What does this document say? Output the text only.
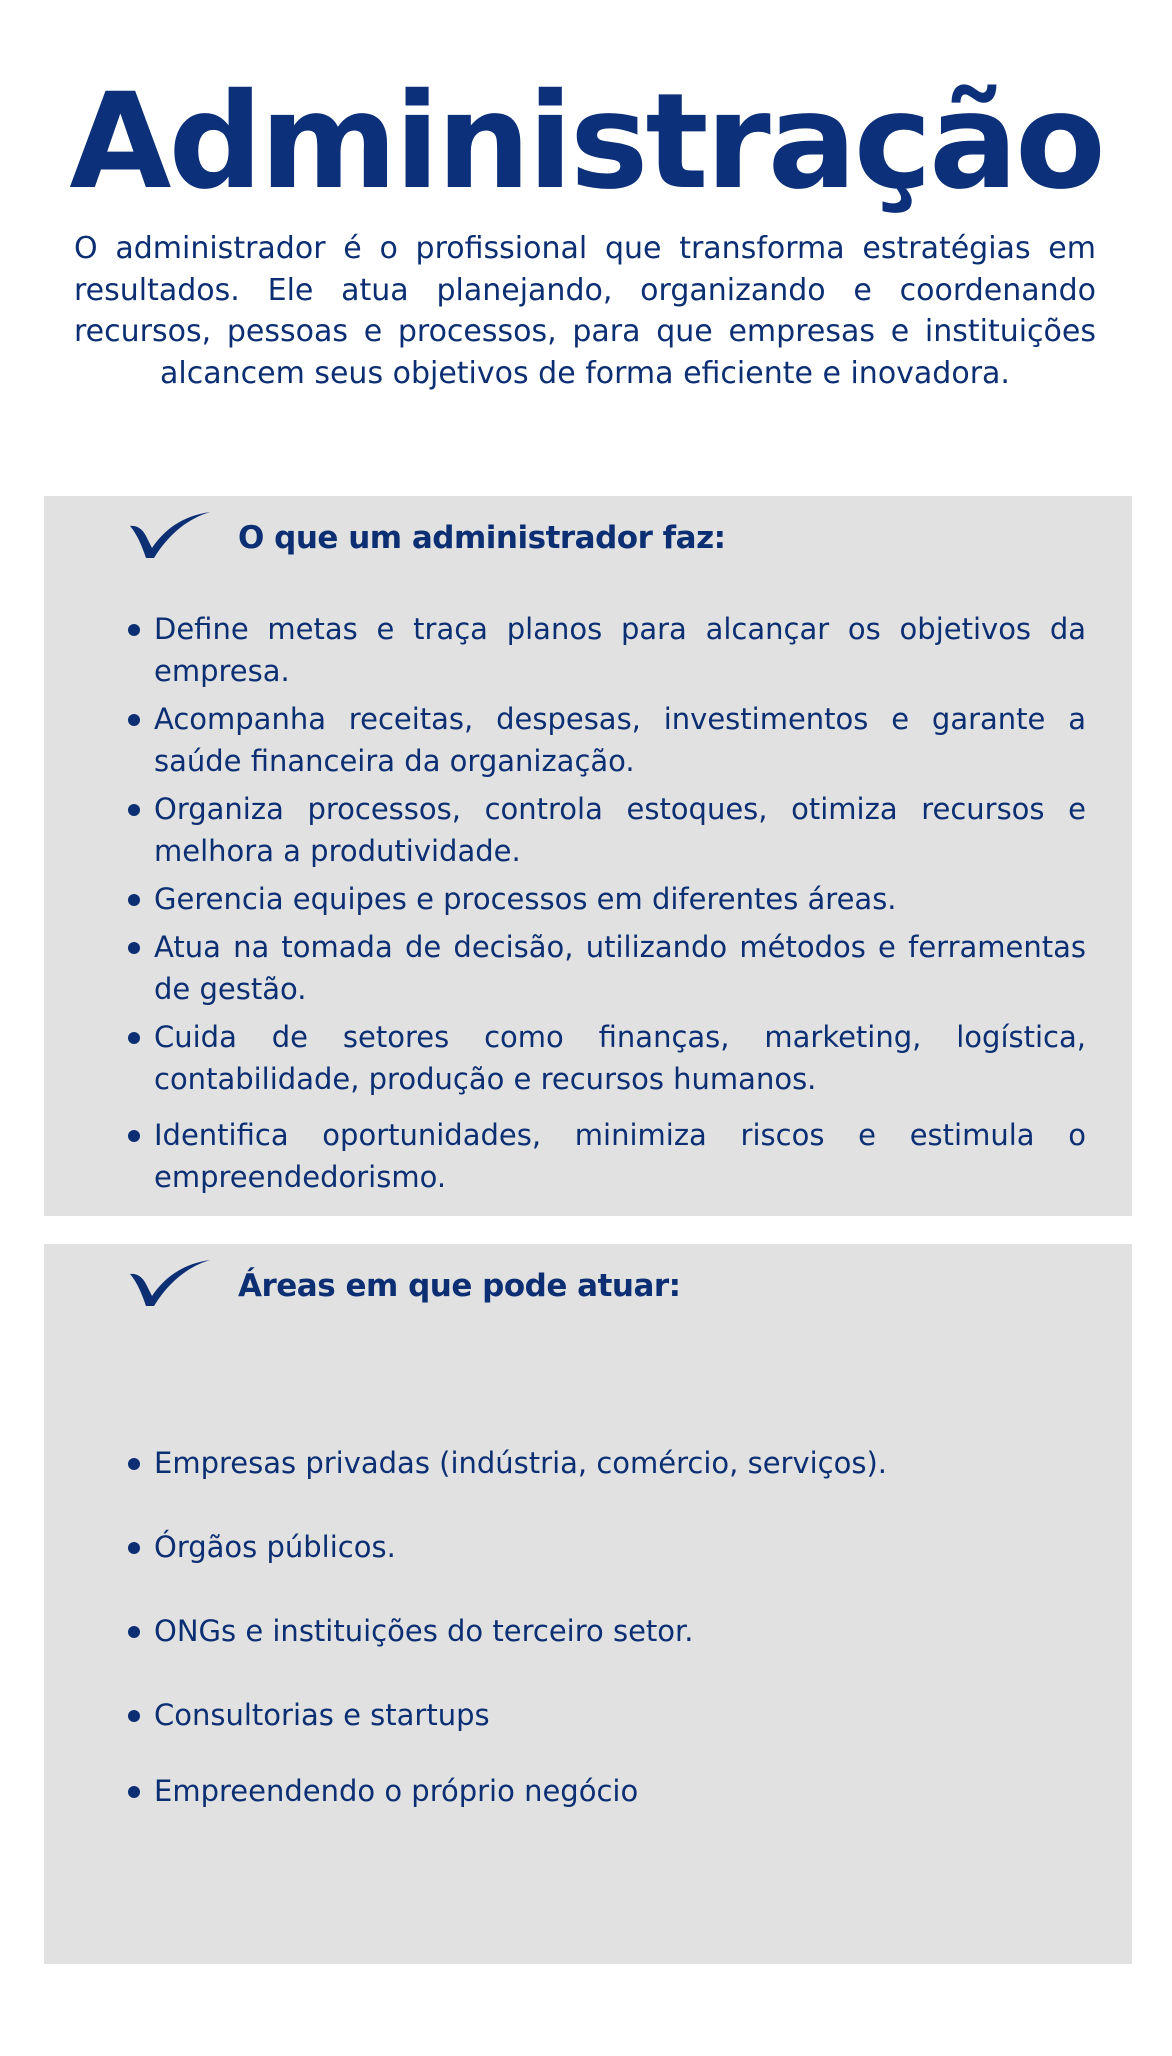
Administração

O administrador é o profissional que transforma estratégias em resultados. Ele atua planejando, organizando e coordenando recursos, pessoas e processos, para que empresas e instituições alcancem seus objetivos de forma eficiente e inovadora.

O que um administrador faz:
Define metas e traça planos para alcançar os objetivos da empresa.
Acompanha receitas, despesas, investimentos e garante a saúde financeira da organização.
Organiza processos, controla estoques, otimiza recursos e melhora a produtividade.
Gerencia equipes e processos em diferentes áreas.
Atua na tomada de decisão, utilizando métodos e ferramentas de gestão.
Cuida de setores como finanças, marketing, logística, contabilidade, produção e recursos humanos.
Identifica oportunidades, minimiza riscos e estimula o empreendedorismo.
Áreas em que pode atuar:
Empresas privadas (indústria, comércio, serviços).
Órgãos públicos.
ONGs e instituições do terceiro setor.
Consultorias e startups
Empreendendo o próprio negócio
